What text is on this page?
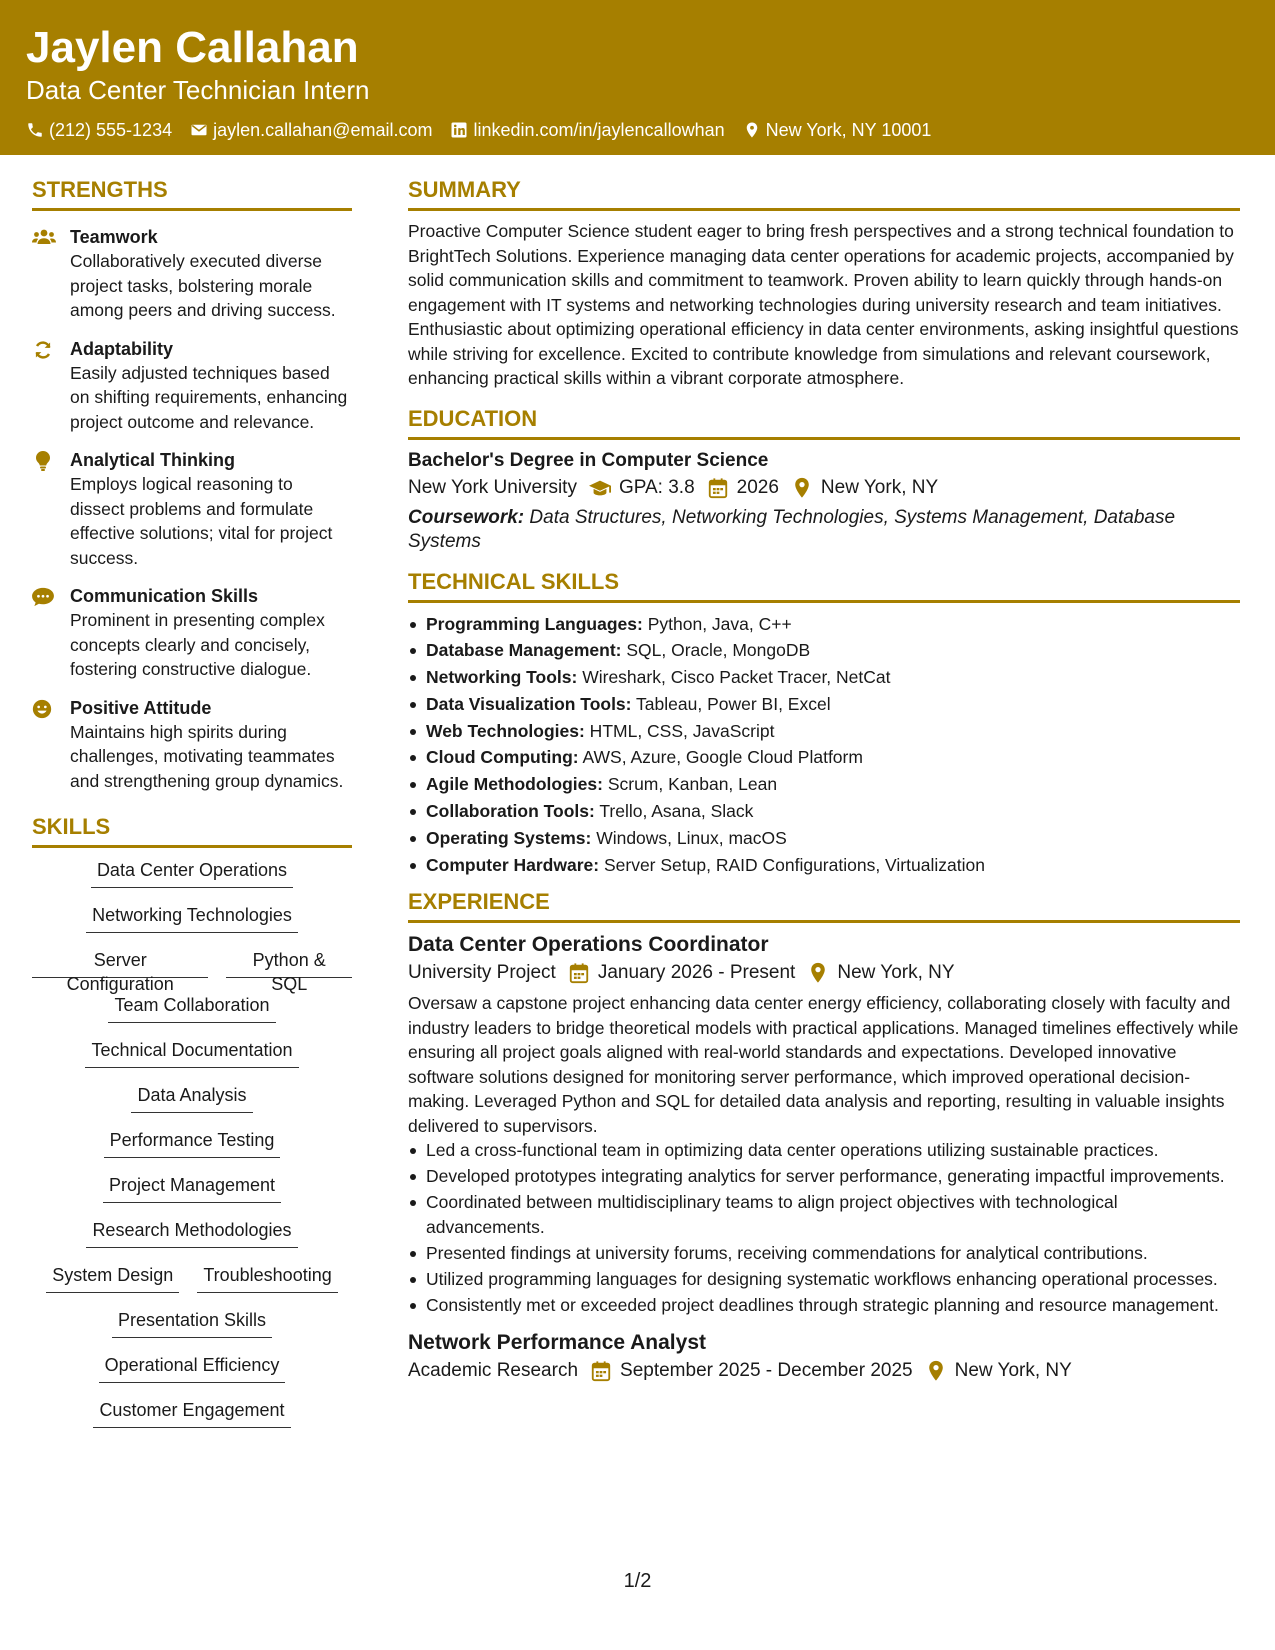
Jaylen Callahan
Data Center Technician Intern
(212) 555-1234 jaylen.callahan@email.com linkedin.com/in/jaylencallowhan New York, NY 10001
STRENGTHS
Teamwork
Collaboratively executed diverse project tasks, bolstering morale among peers and driving success.
Adaptability
Easily adjusted techniques based on shifting requirements, enhancing project outcome and relevance.
Analytical Thinking
Employs logical reasoning to dissect problems and formulate effective solutions; vital for project success.
Communication Skills
Prominent in presenting complex concepts clearly and concisely, fostering constructive dialogue.
Positive Attitude
Maintains high spirits during challenges, motivating teammates and strengthening group dynamics.
SKILLS
Data Center Operations
Networking Technologies
Server Configuration
Python & SQL
Team Collaboration
Technical Documentation
Data Analysis
Performance Testing
Project Management
Research Methodologies
System Design	Troubleshooting
Presentation Skills
Operational Efficiency
Customer Engagement
SUMMARY
Proactive Computer Science student eager to bring fresh perspectives and a strong technical foundation to BrightTech Solutions. Experience managing data center operations for academic projects, accompanied by solid communication skills and commitment to teamwork. Proven ability to learn quickly through hands-on engagement with IT systems and networking technologies during university research and team initiatives. Enthusiastic about optimizing operational efficiency in data center environments, asking insightful questions while striving for excellence. Excited to contribute knowledge from simulations and relevant coursework, enhancing practical skills within a vibrant corporate atmosphere.
EDUCATION
Bachelor's Degree in Computer Science
New York University GPA: 3.8 2026 New York, NY
Coursework: Data Structures, Networking Technologies, Systems Management, Database Systems
TECHNICAL SKILLS
Programming Languages: Python, Java, C++
Database Management: SQL, Oracle, MongoDB
Networking Tools: Wireshark, Cisco Packet Tracer, NetCat
Data Visualization Tools: Tableau, Power BI, Excel
Web Technologies: HTML, CSS, JavaScript
Cloud Computing: AWS, Azure, Google Cloud Platform
Agile Methodologies: Scrum, Kanban, Lean
Collaboration Tools: Trello, Asana, Slack
Operating Systems: Windows, Linux, macOS
Computer Hardware: Server Setup, RAID Configurations, Virtualization
EXPERIENCE
Data Center Operations Coordinator
University Project January 2026 - Present New York, NY
Oversaw a capstone project enhancing data center energy efficiency, collaborating closely with faculty and industry leaders to bridge theoretical models with practical applications. Managed timelines effectively while ensuring all project goals aligned with real-world standards and expectations. Developed innovative software solutions designed for monitoring server performance, which improved operational decision-making. Leveraged Python and SQL for detailed data analysis and reporting, resulting in valuable insights delivered to supervisors.
Led a cross-functional team in optimizing data center operations utilizing sustainable practices.
Developed prototypes integrating analytics for server performance, generating impactful improvements.
Coordinated between multidisciplinary teams to align project objectives with technological advancements.
Presented findings at university forums, receiving commendations for analytical contributions.
Utilized programming languages for designing systematic workflows enhancing operational processes.
Consistently met or exceeded project deadlines through strategic planning and resource management.
Network Performance Analyst
Academic Research September 2025 - December 2025 New York, NY
1/2
